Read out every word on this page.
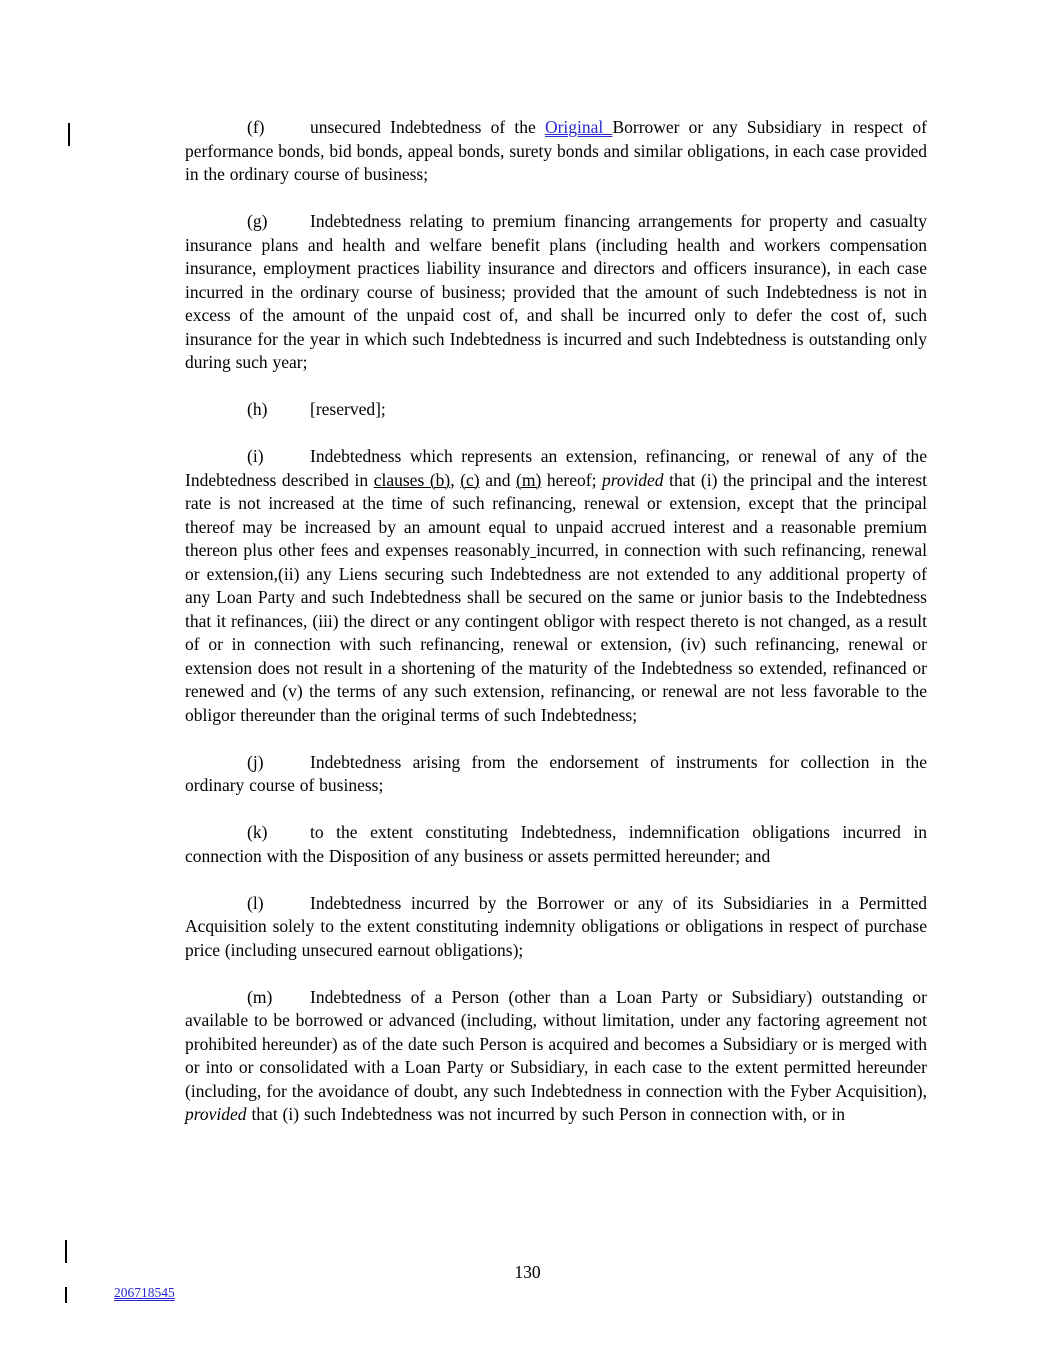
(f)	unsecured Indebtedness of the Original Borrower or any Subsidiary in respect of performance bonds, bid bonds, appeal bonds, surety bonds and similar obligations, in each case provided in the ordinary course of business;

(g) Indebtedness relating to premium financing arrangements for property and casualty insurance plans and health and welfare benefit plans (including health and workers compensation insurance, employment practices liability insurance and directors and officers insurance), in each case incurred in the ordinary course of business; provided that the amount of such Indebtedness is not in excess of the amount of the unpaid cost of, and shall be incurred only to defer the cost of, such insurance for the year in which such Indebtedness is incurred and such Indebtedness is outstanding only during such year;

(h) [reserved];

(i)	Indebtedness which represents an extension, refinancing, or renewal of any of the Indebtedness described in clauses (b), (c) and (m) hereof; provided that (i) the principal and the interest rate is not increased at the time of such refinancing, renewal or extension, except that the principal thereof may be increased by an amount equal to unpaid accrued interest and a reasonable premium thereon plus other fees and expenses reasonably incurred, in connection with such refinancing, renewal or extension,(ii) any Liens securing such Indebtedness are not extended to any additional property of any Loan Party and such Indebtedness shall be secured on the same or junior basis to the Indebtedness that it refinances, (iii) the direct or any contingent obligor with respect thereto is not changed, as a result of or in connection with such refinancing, renewal or extension, (iv) such refinancing, renewal or extension does not result in a shortening of the maturity of the Indebtedness so extended, refinanced or renewed and (v) the terms of any such extension, refinancing, or renewal are not less favorable to the obligor thereunder than the original terms of such Indebtedness;

(j)	Indebtedness arising from the endorsement of instruments for collection in the ordinary course of business;

(k) to the extent constituting Indebtedness, indemnification obligations incurred in connection with the Disposition of any business or assets permitted hereunder; and

(l)	Indebtedness incurred by the Borrower or any of its Subsidiaries in a Permitted Acquisition solely to the extent constituting indemnity obligations or obligations in respect of purchase price (including unsecured earnout obligations);

(m) Indebtedness of a Person (other than a Loan Party or Subsidiary) outstanding or available to be borrowed or advanced (including, without limitation, under any factoring agreement not prohibited hereunder) as of the date such Person is acquired and becomes a Subsidiary or is merged with or into or consolidated with a Loan Party or Subsidiary, in each case to the extent permitted hereunder (including, for the avoidance of doubt, any such Indebtedness in connection with the Fyber Acquisition), provided that (i) such Indebtedness was not incurred by such Person in connection with, or in

130
206718545
